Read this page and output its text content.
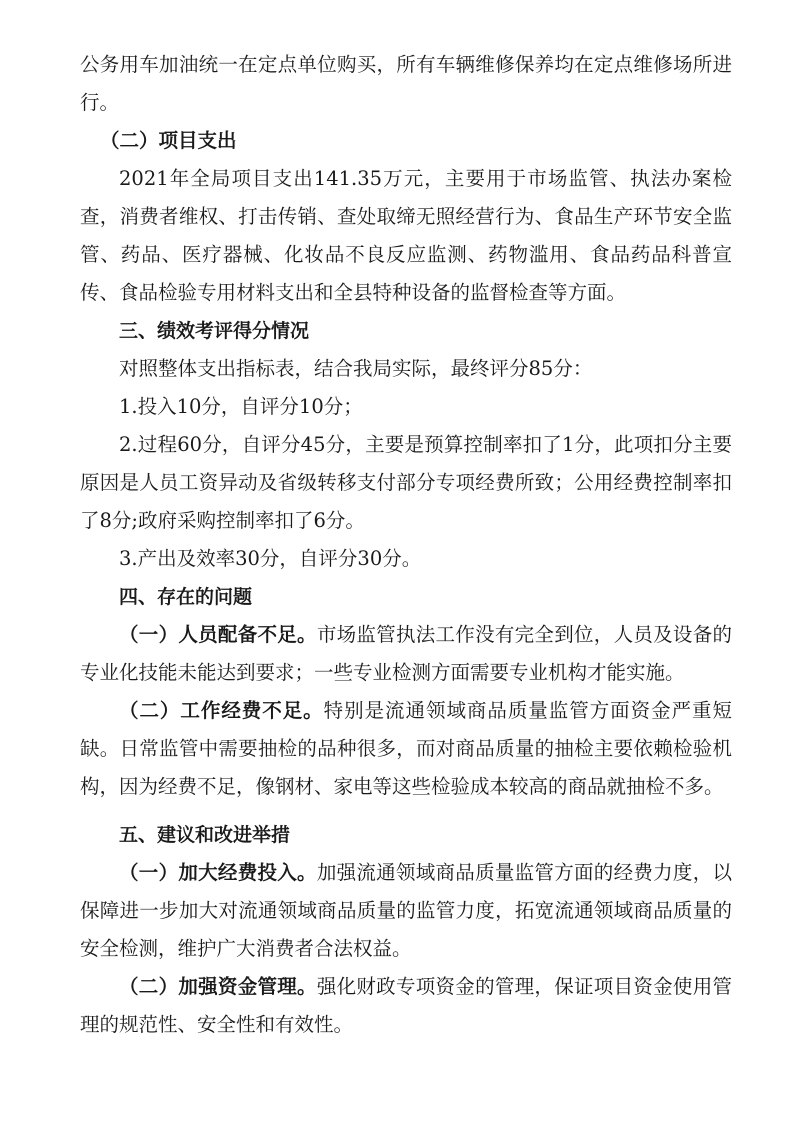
公务用车加油统一在定点单位购买，所有车辆维修保养均在定点维修场所进行。

（二）项目支出

2021年全局项目支出141.35万元，主要用于市场监管、执法办案检查，消费者维权、打击传销、查处取缔无照经营行为、食品生产环节安全监管、药品、医疗器械、化妆品不良反应监测、药物滥用、食品药品科普宣传、食品检验专用材料支出和全县特种设备的监督检查等方面。

三、绩效考评得分情况

对照整体支出指标表，结合我局实际，最终评分85分：

1.投入10分，自评分10分；

2.过程60分，自评分45分，主要是预算控制率扣了1分，此项扣分主要原因是人员工资异动及省级转移支付部分专项经费所致；公用经费控制率扣了8分;政府采购控制率扣了6分。

3.产出及效率30分，自评分30分。

四、存在的问题

（一）人员配备不足。市场监管执法工作没有完全到位，人员及设备的专业化技能未能达到要求；一些专业检测方面需要专业机构才能实施。

（二）工作经费不足。特别是流通领域商品质量监管方面资金严重短缺。日常监管中需要抽检的品种很多，而对商品质量的抽检主要依赖检验机构，因为经费不足，像钢材、家电等这些检验成本较高的商品就抽检不多。

五、建议和改进举措

（一）加大经费投入。加强流通领域商品质量监管方面的经费力度，以保障进一步加大对流通领域商品质量的监管力度，拓宽流通领域商品质量的安全检测，维护广大消费者合法权益。

（二）加强资金管理。强化财政专项资金的管理，保证项目资金使用管理的规范性、安全性和有效性。
